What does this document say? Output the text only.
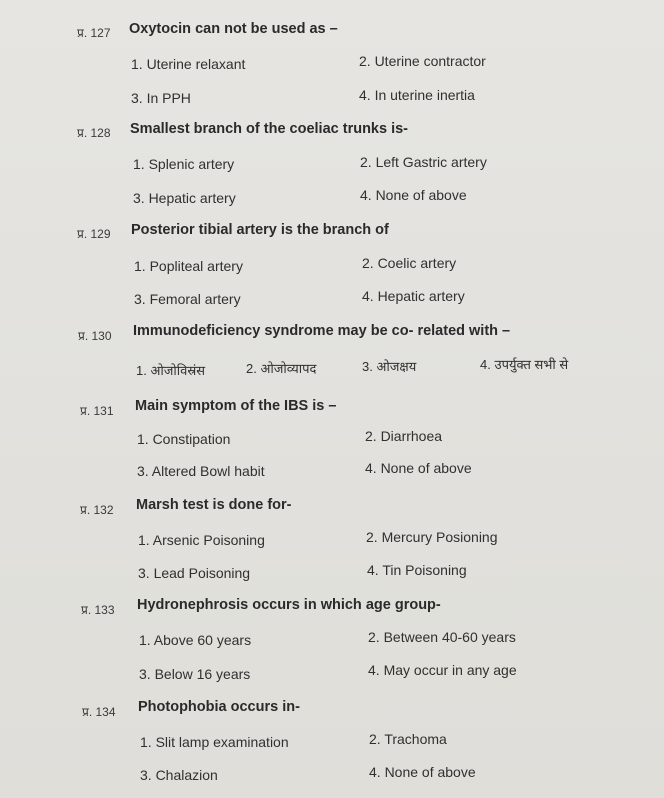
प्र. 127 Oxytocin can not be used as –
1. Uterine relaxant	2. Uterine contractor
3. In PPH	4. In uterine inertia
प्र. 128 Smallest branch of the coeliac trunks is-
1. Splenic artery	2. Left Gastric artery
3. Hepatic artery	4. None of above
प्र. 129 Posterior tibial artery is the branch of
1. Popliteal artery	2. Coelic artery
3. Femoral artery	4. Hepatic artery
प्र. 130 Immunodeficiency syndrome may be co- related with –
1. ओजोविस्रंस	2. ओजोव्यापद	3. ओजक्षय	4. उपर्युक्त सभी से
प्र. 131 Main symptom of the IBS is –
1. Constipation	2. Diarrhoea
3. Altered Bowl habit	4. None of above
प्र. 132 Marsh test is done for-
1. Arsenic Poisoning	2. Mercury Posioning
3. Lead Poisoning	4. Tin Poisoning
प्र. 133 Hydronephrosis occurs in which age group-
1. Above 60 years	2. Between 40-60 years
3. Below 16 years	4. May occur in any age
प्र. 134 Photophobia occurs in-
1. Slit lamp examination	2. Trachoma
3. Chalazion	4. None of above
